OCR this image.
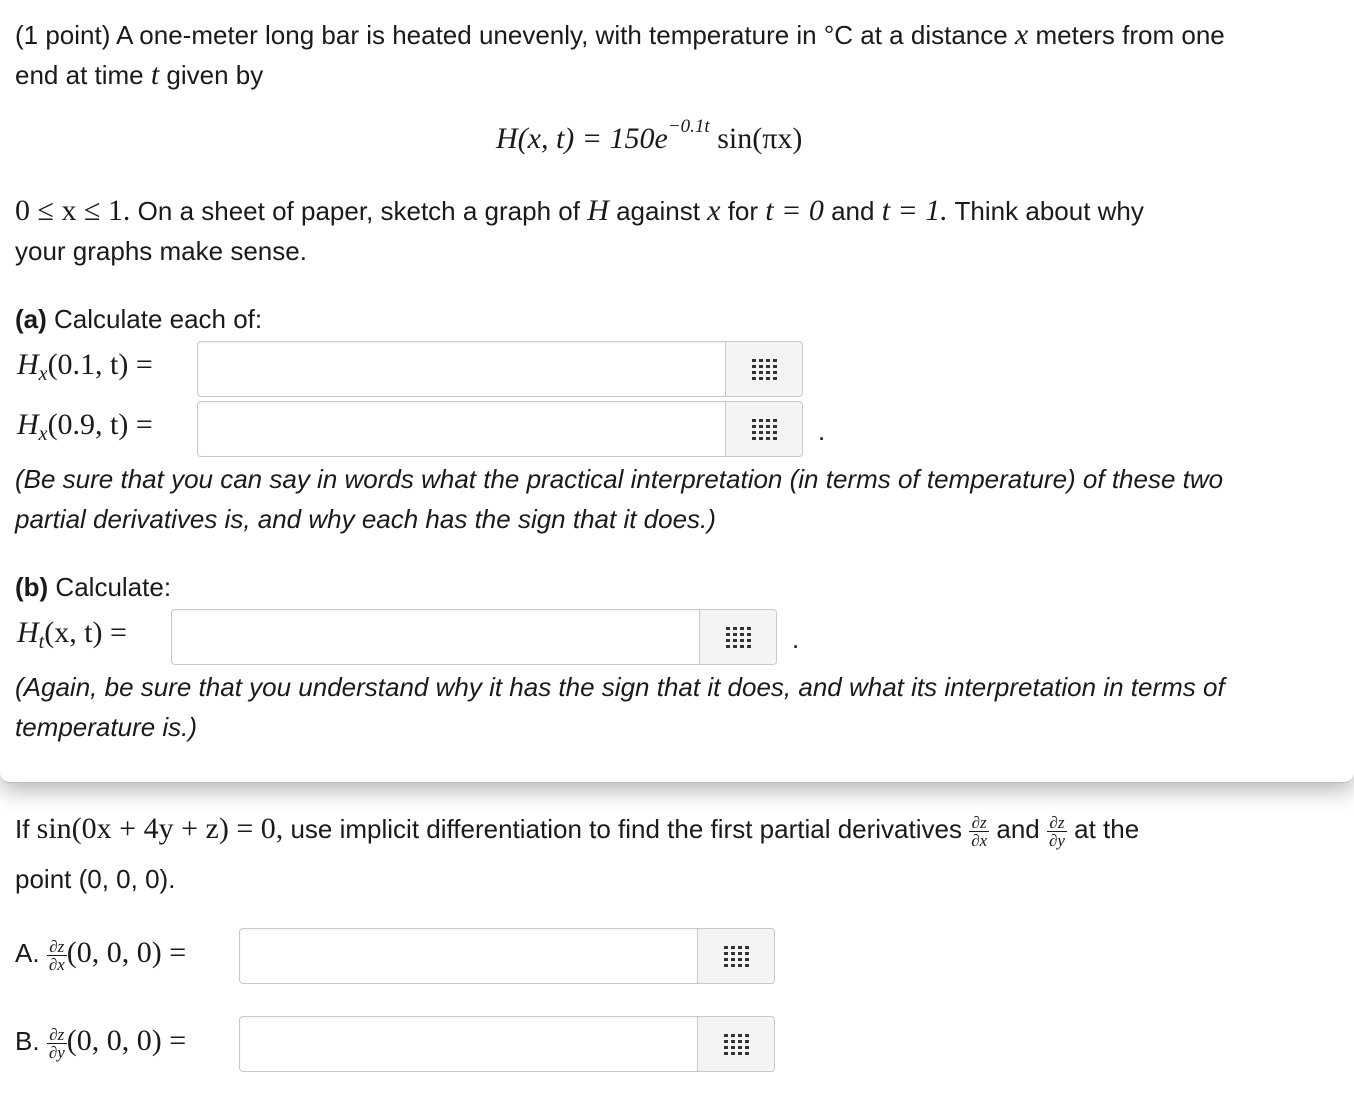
(1 point) A one-meter long bar is heated unevenly, with temperature in °C at a distance x meters from one
end at time t given by
H(x, $t) = 150e^{-0.1t}$ sin(πx)
0 ≤ x ≤ 1. On a sheet of paper, sketch a graph of H against x for t = 0 and t = 1. Think about why
your graphs make sense.
(a) Calculate each of:
$H_x(0.1$, t) =
$H_x(0.9$, t) =	.
(Be sure that you can say in words what the practical interpretation (in terms of temperature) of these two
partial derivatives is, and why each has the sign that it does.)
(b) Calculate:
$H_t(x$, t) =	.
(Again, be sure that you understand why it has the sign that it does, and what its interpretation in terms of
temperature is.)
If sin(0x + 4y + z) = 0, use implicit differentiation to find the first partial derivatives $\frac{\partial z}{\partial x}$ and $\frac{\partial z}{\partial y}$ at the
point (0, 0, 0).
A. $\frac{\partial z}{\partial x} (0$, 0, 0) =
B. $\frac{\partial z}{\partial y} (0$, 0, 0) =
